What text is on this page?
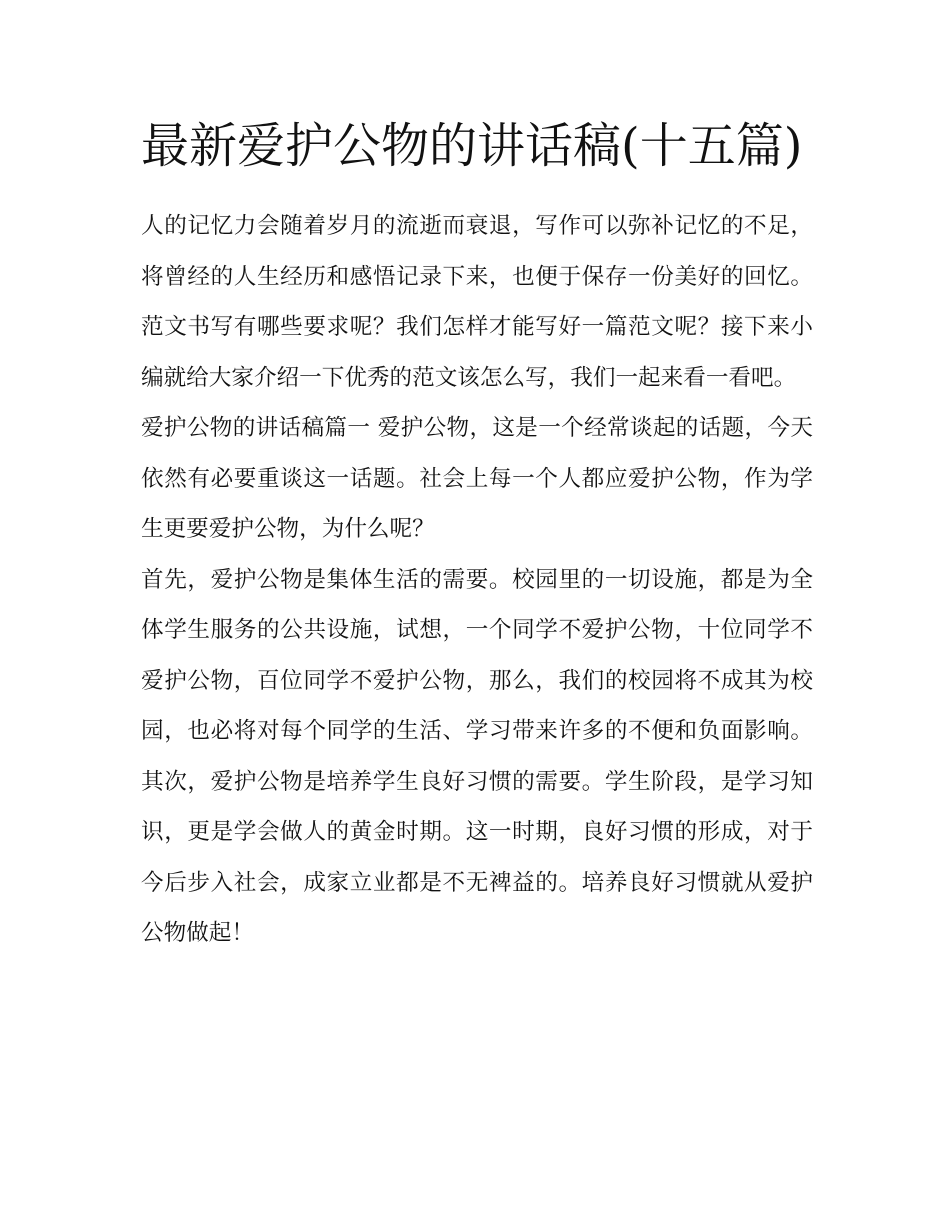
最新爱护公物的讲话稿(十五篇)

人的记忆力会随着岁月的流逝而衰退，写作可以弥补记忆的不足，将曾经的人生经历和感悟记录下来，也便于保存一份美好的回忆。范文书写有哪些要求呢？我们怎样才能写好一篇范文呢？接下来小编就给大家介绍一下优秀的范文该怎么写，我们一起来看一看吧。

爱护公物的讲话稿篇一 爱护公物，这是一个经常谈起的话题，今天依然有必要重谈这一话题。社会上每一个人都应爱护公物，作为学生更要爱护公物，为什么呢？

首先，爱护公物是集体生活的需要。校园里的一切设施，都是为全体学生服务的公共设施，试想，一个同学不爱护公物，十位同学不爱护公物，百位同学不爱护公物，那么，我们的校园将不成其为校园，也必将对每个同学的生活、学习带来许多的不便和负面影响。其次，爱护公物是培养学生良好习惯的需要。学生阶段，是学习知识，更是学会做人的黄金时期。这一时期，良好习惯的形成，对于今后步入社会，成家立业都是不无裨益的。培养良好习惯就从爱护公物做起！
